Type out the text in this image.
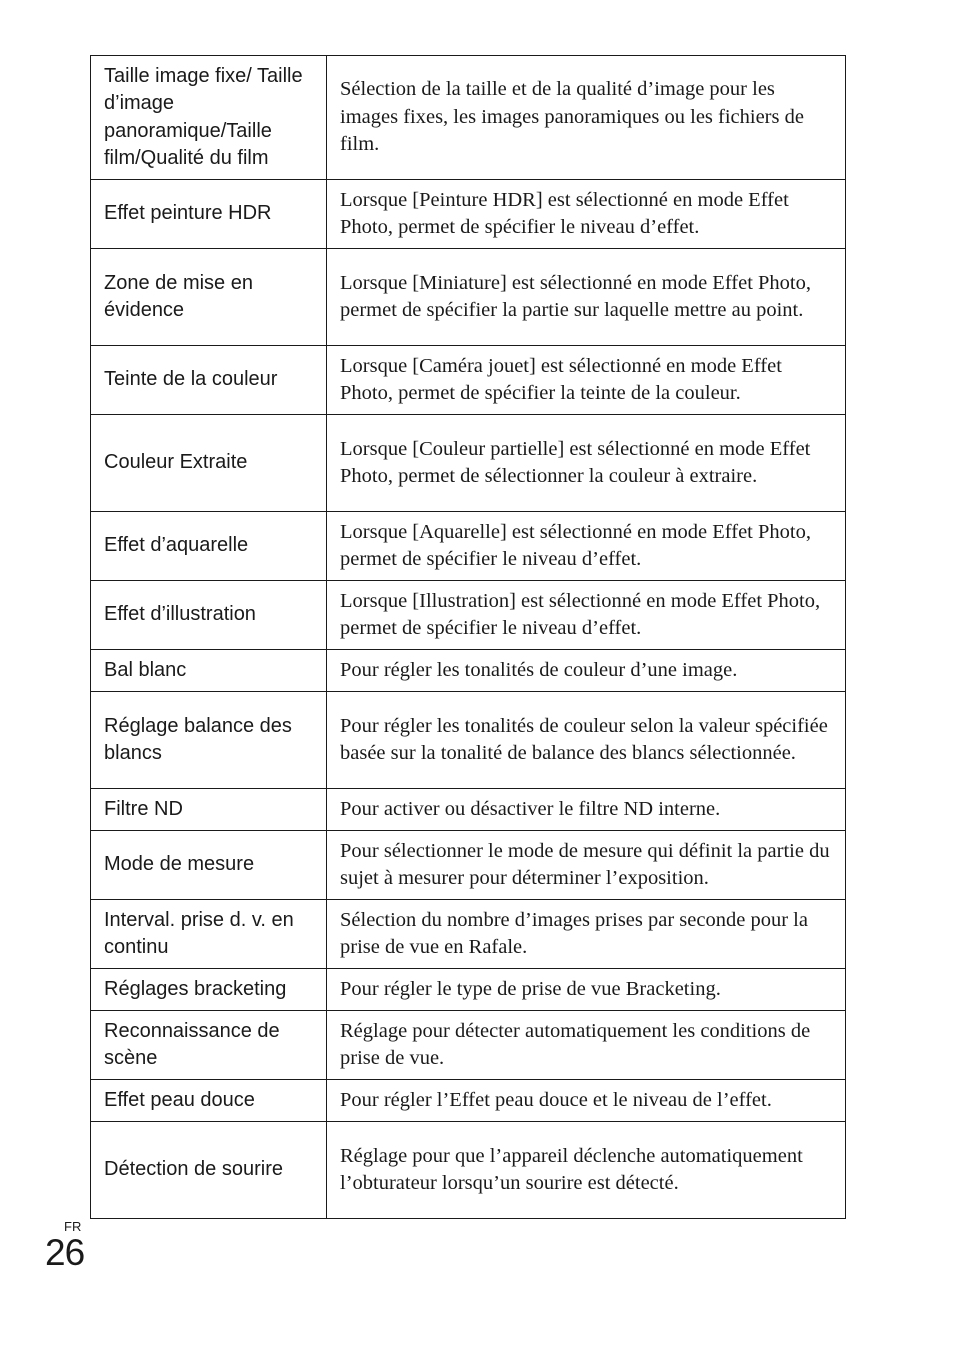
Taille image fixe/ Taille d’image panoramique/Taille film/Qualité du film	Sélection de la taille et de la qualité d’image pour les images fixes, les images panoramiques ou les fichiers de film.
Effet peinture HDR	Lorsque [Peinture HDR] est sélectionné en mode Effet Photo, permet de spécifier le niveau d’effet.
Zone de mise en évidence	Lorsque [Miniature] est sélectionné en mode Effet Photo, permet de spécifier la partie sur laquelle mettre au point.
Teinte de la couleur	Lorsque [Caméra jouet] est sélectionné en mode Effet Photo, permet de spécifier la teinte de la couleur.
Couleur Extraite	Lorsque [Couleur partielle] est sélectionné en mode Effet Photo, permet de sélectionner la couleur à extraire.
Effet d’aquarelle	Lorsque [Aquarelle] est sélectionné en mode Effet Photo, permet de spécifier le niveau d’effet.
Effet d’illustration	Lorsque [Illustration] est sélectionné en mode Effet Photo, permet de spécifier le niveau d’effet.
Bal blanc	Pour régler les tonalités de couleur d’une image.
Réglage balance des blancs	Pour régler les tonalités de couleur selon la valeur spécifiée basée sur la tonalité de balance des blancs sélectionnée.
Filtre ND	Pour activer ou désactiver le filtre ND interne.
Mode de mesure	Pour sélectionner le mode de mesure qui définit la partie du sujet à mesurer pour déterminer l’exposition.
Interval. prise d. v. en continu	Sélection du nombre d’images prises par seconde pour la prise de vue en Rafale.
Réglages bracketing	Pour régler le type de prise de vue Bracketing.
Reconnaissance de scène	Réglage pour détecter automatiquement les conditions de prise de vue.
Effet peau douce	Pour régler l’Effet peau douce et le niveau de l’effet.
Détection de sourire	Réglage pour que l’appareil déclenche automatiquement l’obturateur lorsqu’un sourire est détecté.
FR
26
